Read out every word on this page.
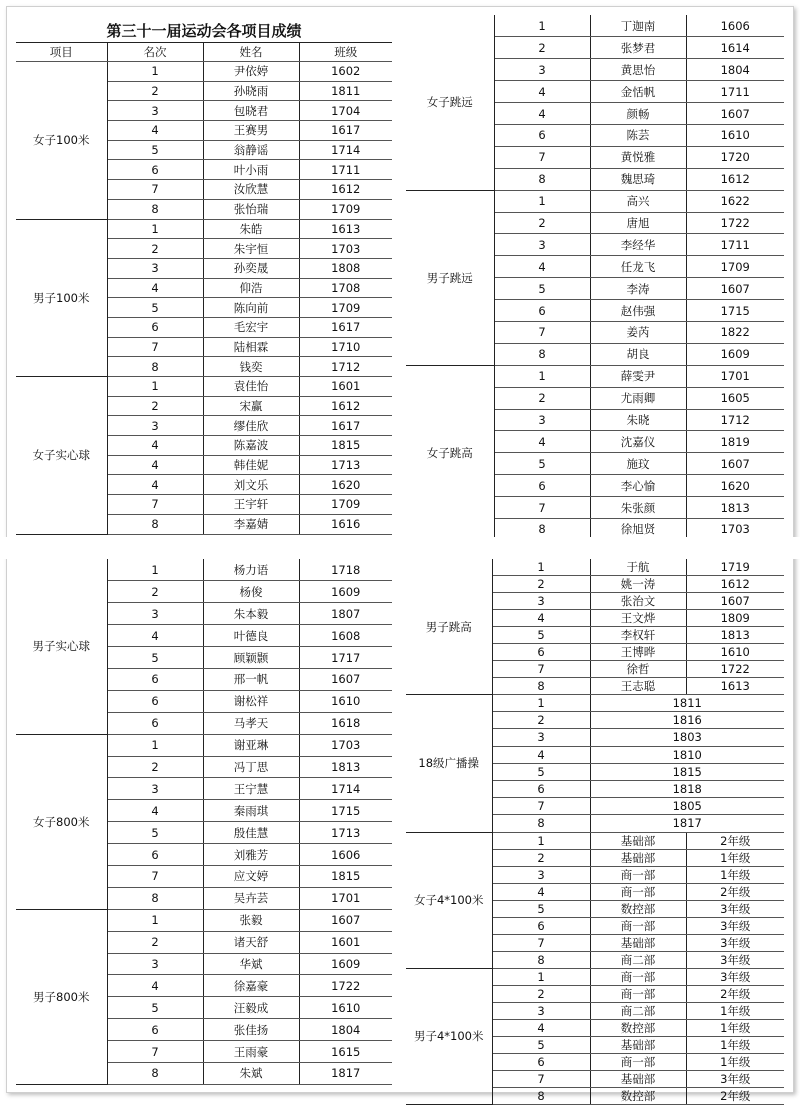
第三十一届运动会各项目成绩
项目	名次	姓名	班级
女子100米	1	尹依婷	1602
	2	孙晓雨	1811
	3	包晓君	1704
	4	王赛男	1617
	5	翁静谣	1714
	6	叶小雨	1711
	7	汝欣慧	1612
	8	张怡瑞	1709
男子100米	1	朱皓	1613
	2	朱宇恒	1703
	3	孙奕晟	1808
	4	仰浩	1708
	5	陈向前	1709
	6	毛宏宇	1617
	7	陆相霖	1710
	8	钱奕	1712
女子实心球	1	袁佳怡	1601
	2	宋赢	1612
	3	缪佳欣	1617
	4	陈嘉波	1815
	4	韩佳妮	1713
	4	刘文乐	1620
	7	王宇轩	1709
	8	李嘉婧	1616
女子跳远	1	丁迦南	1606
	2	张梦君	1614
	3	黄思怡	1804
	4	金恬帆	1711
	4	颜畅	1607
	6	陈芸	1610
	7	黄悦雅	1720
	8	魏思琦	1612
男子跳远	1	高兴	1622
	2	唐旭	1722
	3	李经华	1711
	4	任龙飞	1709
	5	李涛	1607
	6	赵伟强	1715
	7	姜芮	1822
	8	胡良	1609
女子跳高	1	薛雯尹	1701
	2	尤雨卿	1605
	3	朱晓	1712
	4	沈嘉仪	1819
	5	施玟	1607
	6	李心愉	1620
	7	朱张颜	1813
	8	徐旭贤	1703
男子实心球	1	杨力语	1718
	2	杨俊	1609
	3	朱本毅	1807
	4	叶德良	1608
	5	顾颖颢	1717
	6	邢一帆	1607
	6	谢松祥	1610
	6	马孝天	1618
女子800米	1	谢亚琳	1703
	2	冯丁思	1813
	3	王宁慧	1714
	4	秦雨琪	1715
	5	殷佳慧	1713
	6	刘雅芳	1606
	7	应文婷	1815
	8	吴卉芸	1701
男子800米	1	张毅	1607
	2	诸天舒	1601
	3	华斌	1609
	4	徐嘉豪	1722
	5	汪毅成	1610
	6	张佳扬	1804
	7	王雨豪	1615
	8	朱斌	1817
男子跳高	1	于航	1719
	2	姚一涛	1612
	3	张治文	1607
	4	王文烨	1809
	5	李权轩	1813
	6	王博晔	1610
	7	徐哲	1722
	8	王志聪	1613
18级广播操	1	1811	
	2	1816	
	3	1803	
	4	1810	
	5	1815	
	6	1818	
	7	1805	
	8	1817	
女子4*100米	1	基础部	2年级
	2	基础部	1年级
	3	商一部	1年级
	4	商一部	2年级
	5	数控部	3年级
	6	商一部	3年级
	7	基础部	3年级
	8	商二部	3年级
男子4*100米	1	商一部	3年级
	2	商一部	2年级
	3	商二部	1年级
	4	数控部	1年级
	5	基础部	1年级
	6	商一部	1年级
	7	基础部	3年级
	8	数控部	2年级
